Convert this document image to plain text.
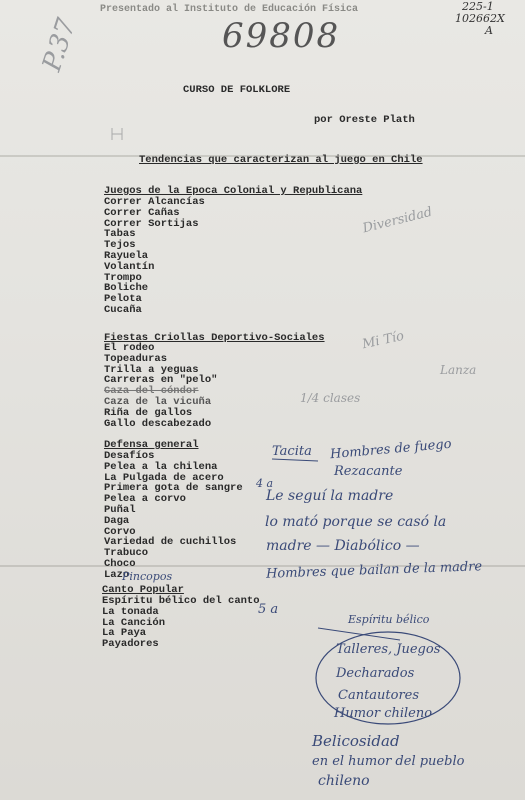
Presentado al Instituto de Educación Física	225-1
102662X
A
69808
P.37
CURSO DE FOLKLORE
por Oreste Plath
Tendencias que caracterizan al juego en Chile
Juegos de la Epoca Colonial y Republicana
Correr Alcancías
Correr Cañas
Correr Sortijas
Tabas
Tejos
Rayuela
Volantín
Trompo
Boliche
Pelota
Cucaña
Fiestas Criollas Deportivo-Sociales
El rodeo
Topeaduras
Trilla a yeguas
Carreras en "pelo"
Caza del cóndor
Caza de la vicuña
Riña de gallos
Gallo descabezado
Defensa general
Desafíos
Pelea a la chilena
La Pulgada de acero
Primera gota de sangre
Pelea a corvo
Puñal
Daga
Corvo
Variedad de cuchillos
Trabuco
Choco
Lazo
Canto Popular
Espíritu bélico del canto
La tonada
La Canción
La Paya
Payadores
Diversidad
Mi Tío
Lanza
1/4 clases
Tacita Hombres de fuego
Rezacante
4 a
Le seguí la madre
lo mató porque se casó la
madre — Diabólico —
Hombres que bailan de la madre
Pincopos
5 a
Espíritu bélico
Talleres, Juegos
Decharados
Cantautores
Humor chileno
Belicosidad
en el humor del pueblo
chileno
